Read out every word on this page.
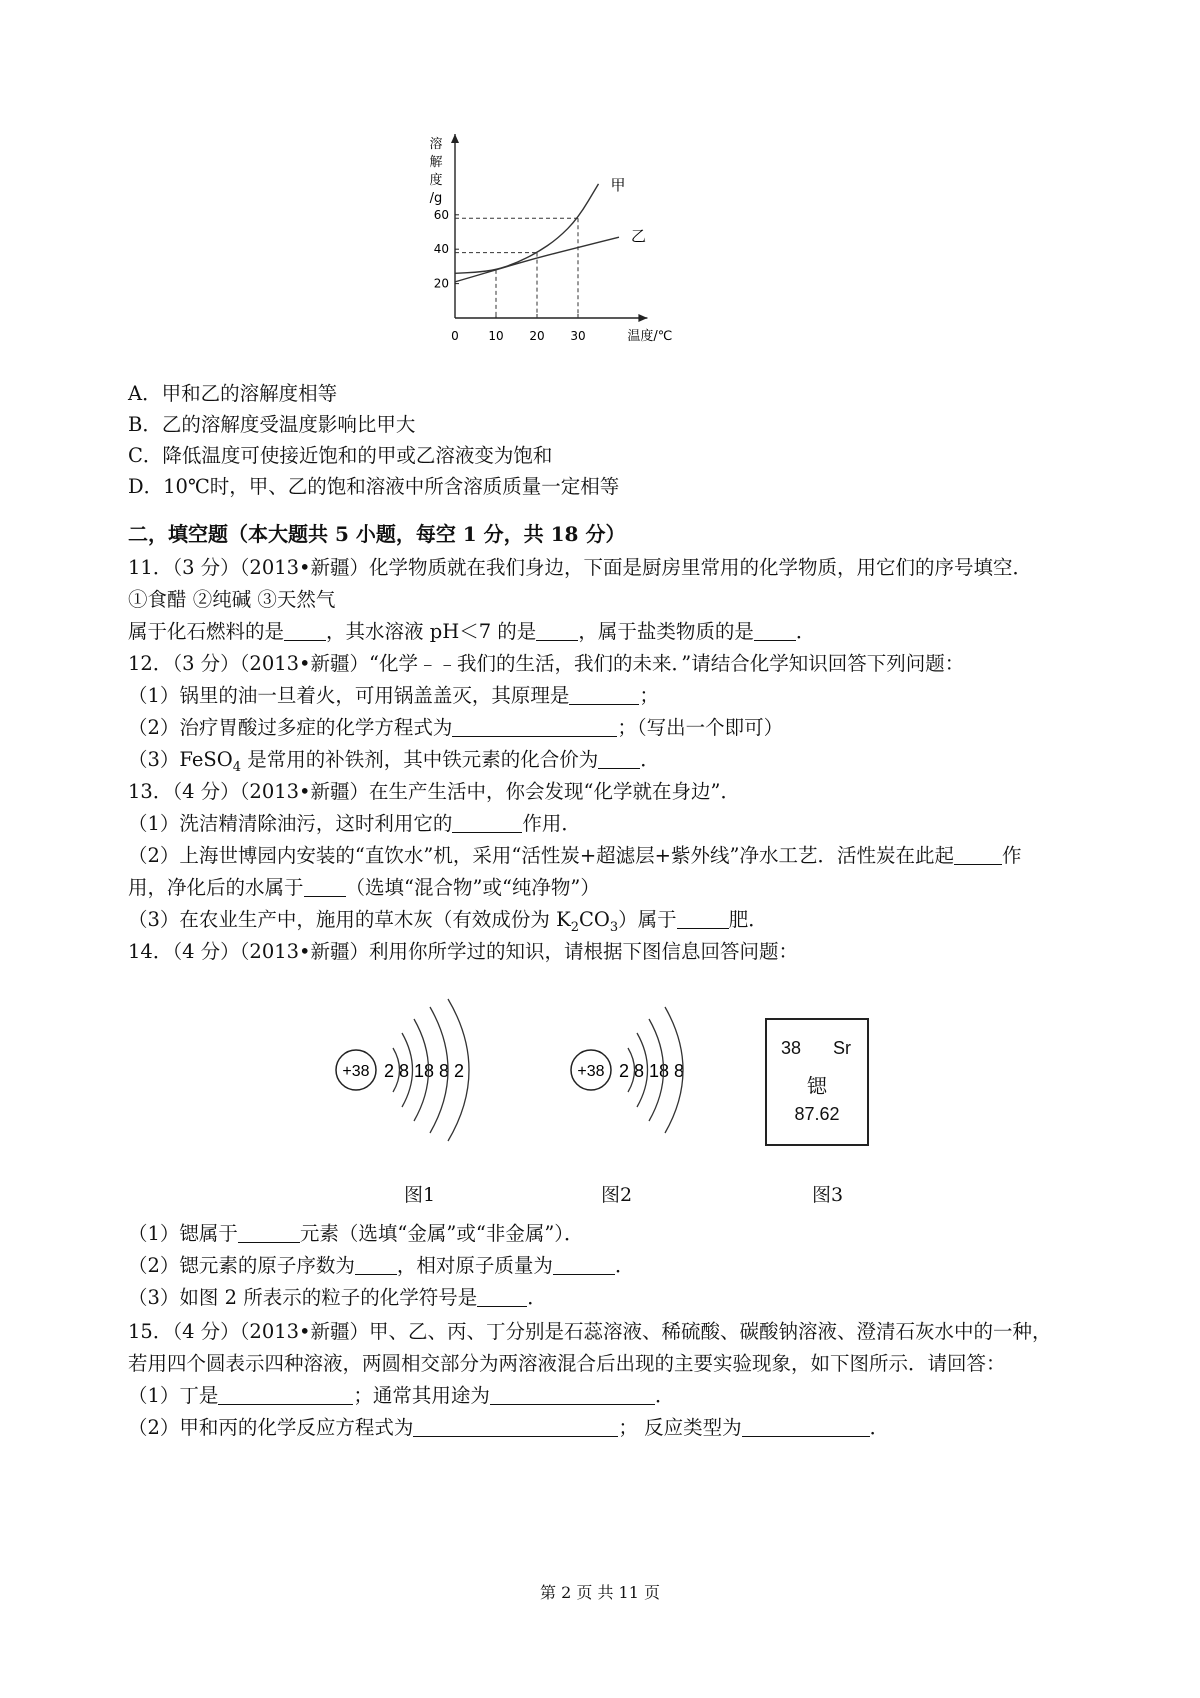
溶
解
度
/g
温度/℃
0 10 20 30
20
40
60
甲
乙
A．甲和乙的溶解度相等
B．乙的溶解度受温度影响比甲大
C．降低温度可使接近饱和的甲或乙溶液变为饱和
D．10℃时，甲、乙的饱和溶液中所含溶质质量一定相等
二，填空题（本大题共 5 小题，每空 1 分，共 18 分）
11．（3 分）（2013•新疆）化学物质就在我们身边，下面是厨房里常用的化学物质，用它们的序号填空．
①食醋 ②纯碱 ③天然气
属于化石燃料的是 ，其水溶液 pH＜7 的是 ，属于盐类物质的是 ．
12．（3 分）（2013•新疆）“化学﹣﹣我们的生活，我们的未来．”请结合化学知识回答下列问题：
（1）锅里的油一旦着火，可用锅盖盖灭，其原理是	；
（2）治疗胃酸过多症的化学方程式为	；（写出一个即可）
（3）FeSO$_4$ 是常用的补铁剂，其中铁元素的化合价为 ．
13．（4 分）（2013•新疆）在生产生活中，你会发现“化学就在身边”．
（1）洗洁精清除油污，这时利用它的	作用．
（2）上海世博园内安装的“直饮水”机，采用“活性炭+超滤层+紫外线”净水工艺．活性炭在此起 作
用，净化后的水属于 （选填“混合物”或“纯净物”）
（3）在农业生产中，施用的草木灰（有效成份为 $K_2CO_3$）属于	肥．
14．（4 分）（2013•新疆）利用你所学过的知识，请根据下图信息回答问题：
+38 2 8 18 8 2	+38 2 8 18 8
38 Sr
锶
87.62
图1	图2	图3
（1）锶属于	元素（选填“金属”或“非金属”）．
（2）锶元素的原子序数为 ，相对原子质量为	．
（3）如图 2 所表示的粒子的化学符号是	．
15．（4 分）（2013•新疆）甲、乙、丙、丁分别是石蕊溶液、稀硫酸、碳酸钠溶液、澄清石灰水中的一种，
若用四个圆表示四种溶液，两圆相交部分为两溶液混合后出现的主要实验现象，如下图所示．请回答：
（1）丁是	；通常其用途为	．
（2）甲和丙的化学反应方程式为	； 反应类型为	．
第 2 页 共 11 页
